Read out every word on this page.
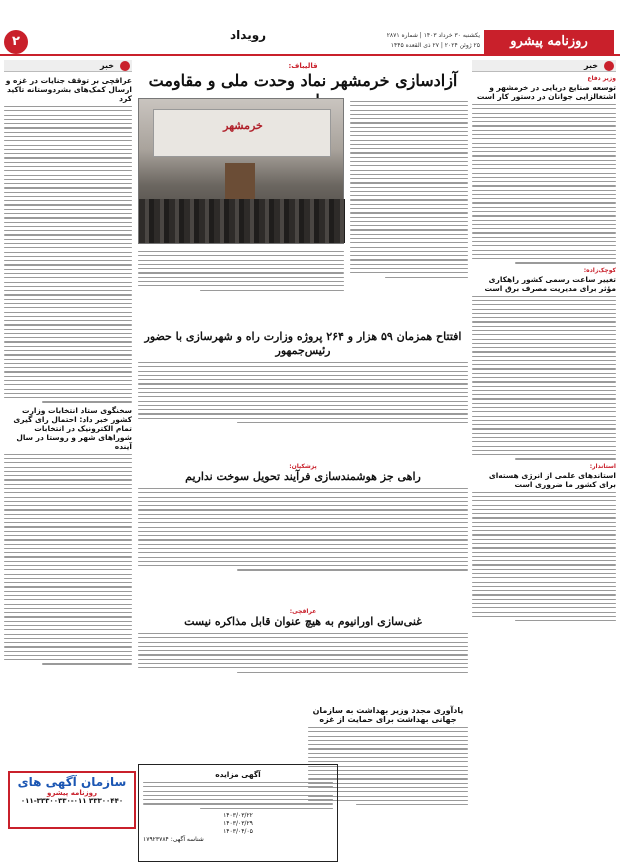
۲	رویداد	روزنامه پیشرو
یکشنبه ۳۰ خرداد ۱۴۰۳ | شماره ۲۸۷۱
۲۵ ژوئن ۲۰۲۴ | ۲۷ ذی القعده ۱۴۴۵
خبر
وزیر دفاع
توسعه صنایع دریایی در خرمشهر و اشتغالزایی جوانان در دستور کار است
کوچک‌زاده:
تغییر ساعت رسمی کشور راهکاری مؤثر برای مدیریت مصرف برق است
استاندار:
استاندهای علمی از انرژی هسته‌ای برای کشور ما ضروری است
خبر
عراقچی بر توقف جنایات در غزه و ارسال کمک‌های بشردوستانه تاکید کرد
سخنگوی ستاد انتخابات وزارت کشور خبر داد: احتمال رای گیری تمام الکترونیک در انتخابات شوراهای شهر و روستا در سال آینده
سازمان آگهی های
روزنامه پیشرو
۰۱۱-۳۳۳۰۰۳۳۰-۰۱۱ ۳۳۳۰۰۴۴۰
قالیباف:
آزادسازی خرمشهر نماد وحدت ملی و مقاومت
خرمشهر
افتتاح همزمان ۵۹ هزار و ۲۶۴ پروژه وزارت راه و شهرسازی با حضور رئیس‌جمهور
پزشکیان:
راهی جز هوشمندسازی فرآیند تحویل سوخت نداریم
عراقچی:
غنی‌سازی اورانیوم به هیچ عنوان قابل مذاکره نیست
یادآوری مجدد وزیر بهداشت به سازمان جهانی بهداشت برای حمایت از غزه
آگهی مزایده
۱۴۰۳/۰۳/۲۲
۱۴۰۳/۰۳/۲۹
۱۴۰۳/۰۴/۰۵
شناسه آگهی: ۱۷۹۲۳۷۸۴
